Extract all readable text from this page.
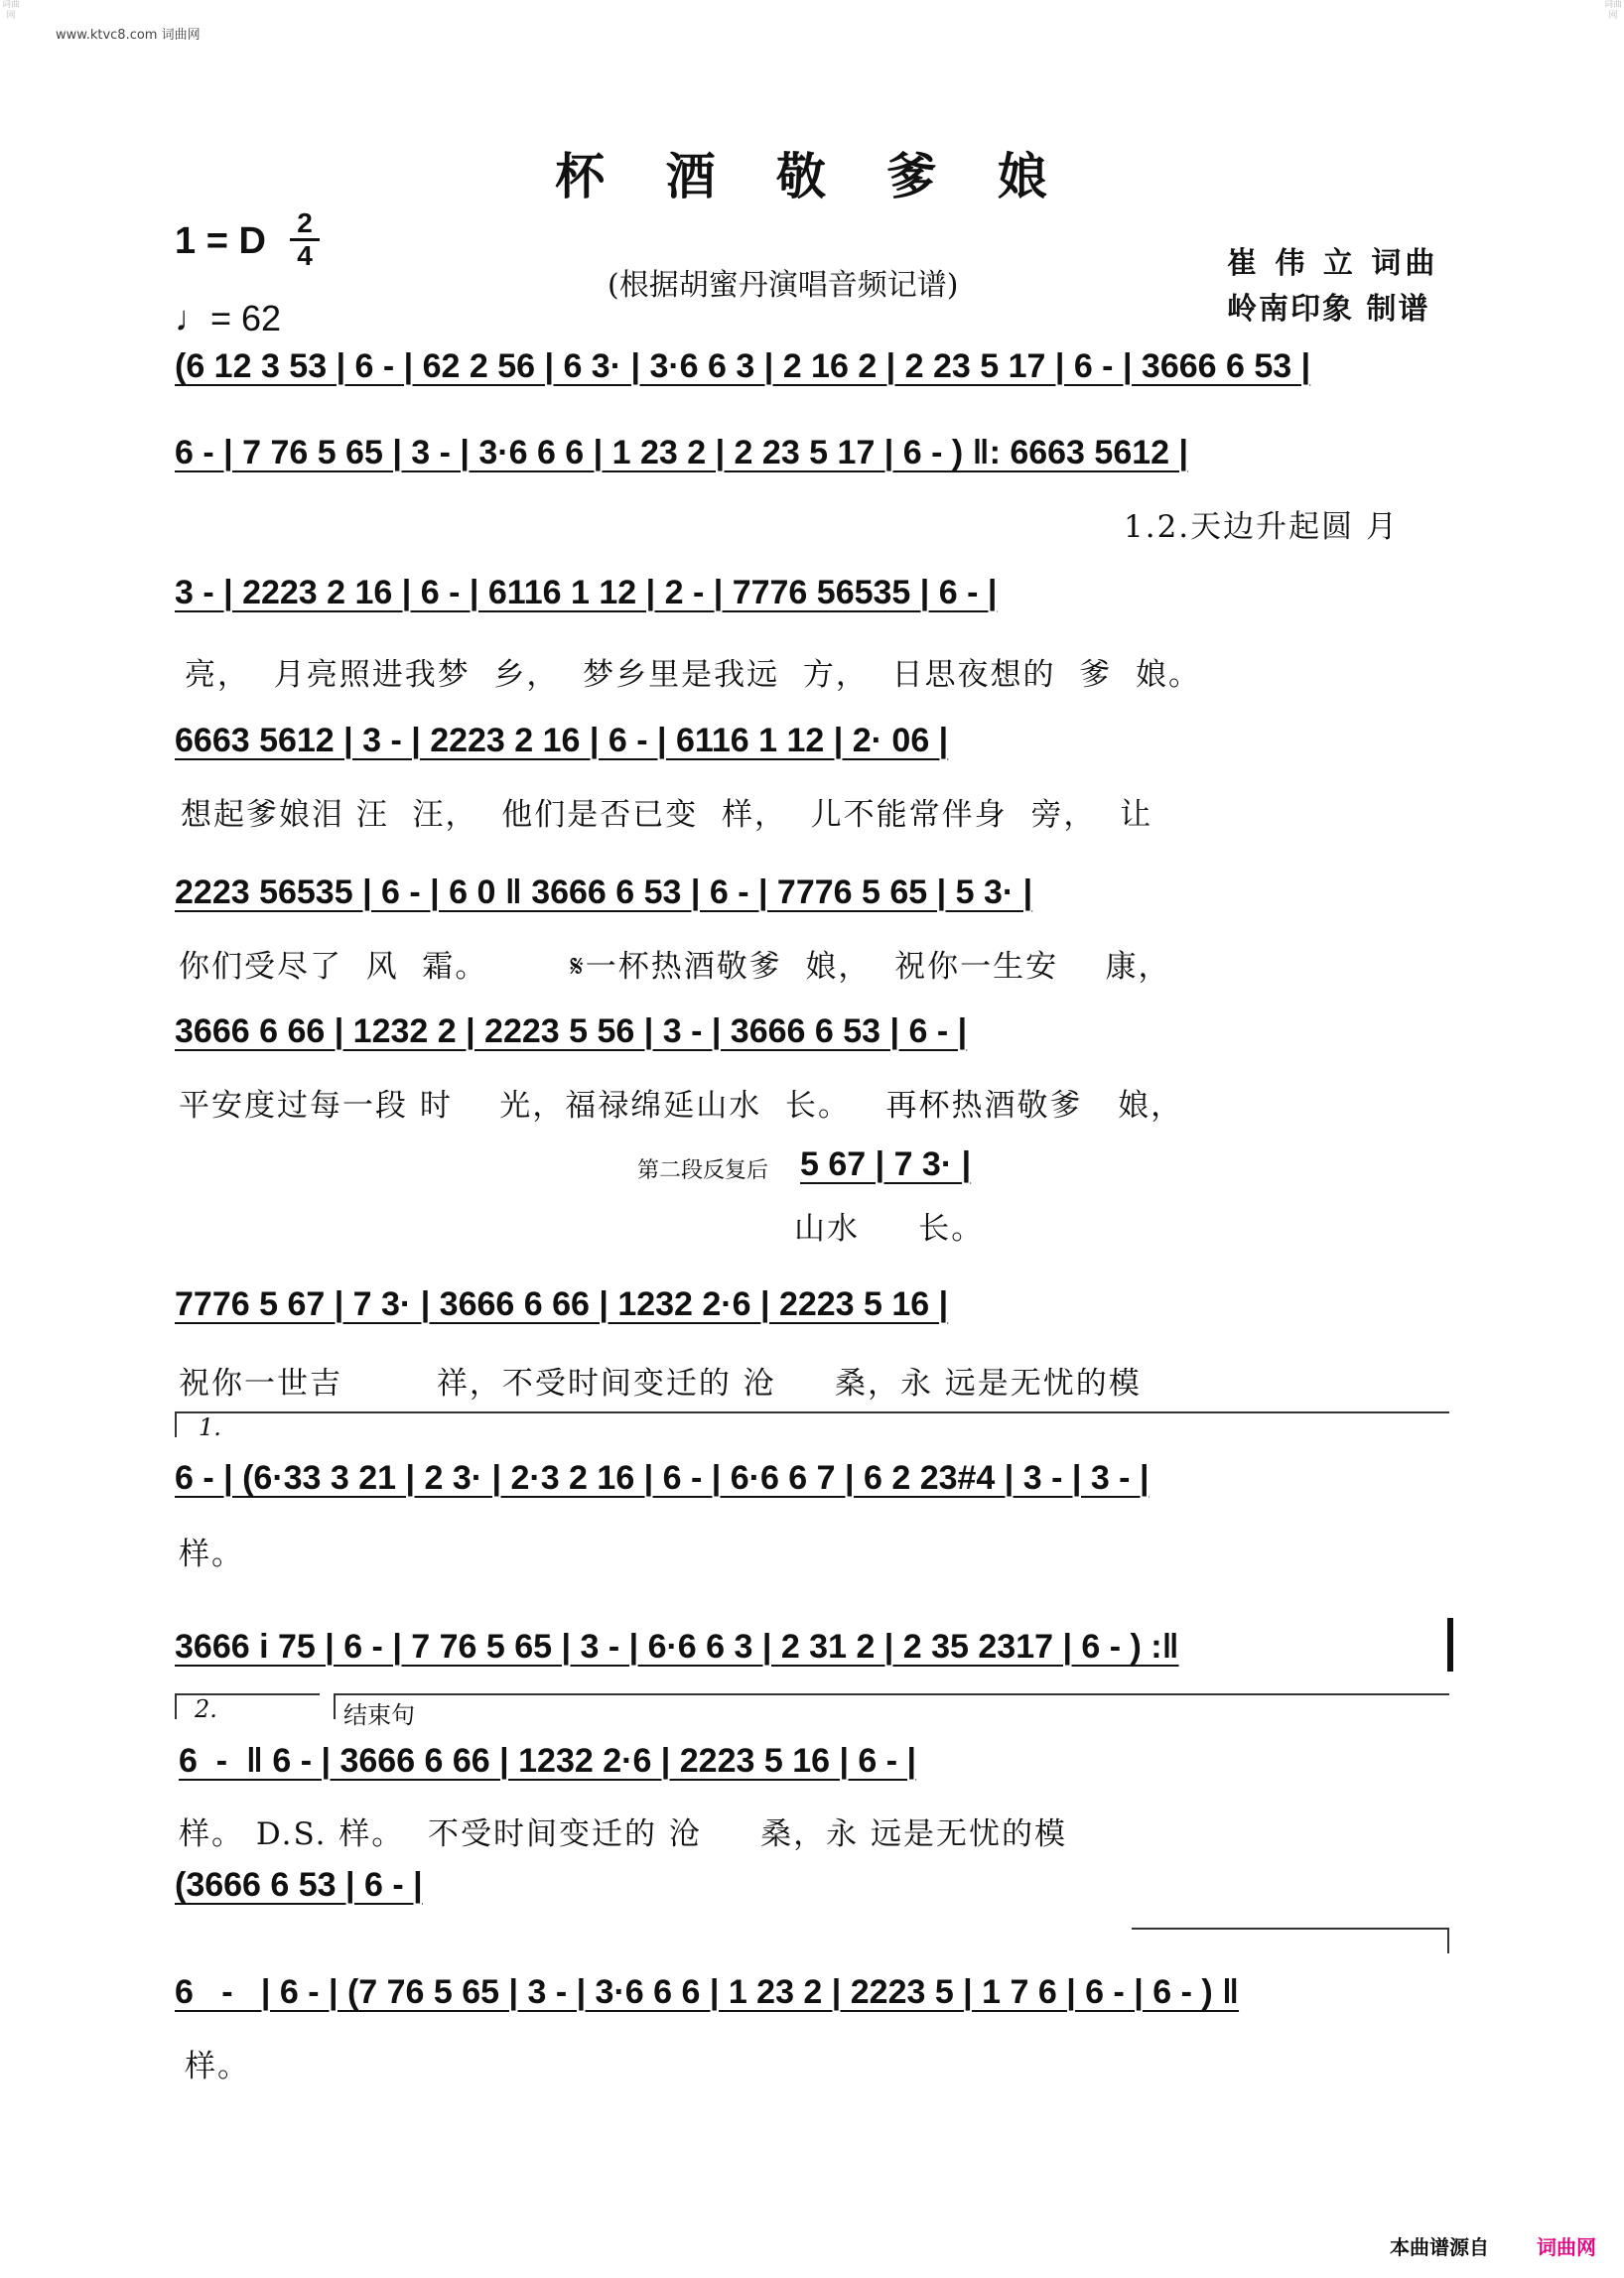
词曲网
词曲网
www.ktvc8.com 词曲网
杯 酒 敬 爹 娘
1 = D 2
4
♩= 62
(根据胡蜜丹演唱音频记谱)
崔 伟 立 词曲
岭南印象 制谱
(6 12 3 53 | 6 - | 62 2 56 | 6 3· | 3·6 6 3 | 2 16 2 | 2 23 5 17 | 6 - | 3666 6 53 |
6 - | 7 76 5 65 | 3 - | 3·6 6 6 | 1 23 2 | 2 23 5 17 | 6 - ) ‖: 6663 5612 |
1.2.天边升起圆 月
3 - | 2223 2 16 | 6 - | 6116 1 12 | 2 - | 7776 56535 | 6 - |
亮，  月亮照进我梦  乡，  梦乡里是我远  方，  日思夜想的  爹  娘。
6663 5612 | 3 - | 2223 2 16 | 6 - | 6116 1 12 | 2· 06 |
想起爹娘泪 汪  汪，  他们是否已变  样，  儿不能常伴身  旁，  让
2223 56535 | 6 - | 6 0 ‖ 3666 6 53 | 6 - | 7776 5 65 | 5 3· |
你们受尽了  风  霜。       𝄋一杯热酒敬爹  娘，  祝你一生安    康，
3666 6 66 | 1232 2 | 2223 5 56 | 3 - | 3666 6 53 | 6 - |
平安度过每一段 时    光，福禄绵延山水  长。   再杯热酒敬爹   娘，
第二段反复后 5 67 | 7 3· |
山水     长。
7776 5 67 | 7 3· | 3666 6 66 | 1232 2·6 | 2223 5 16 |
祝你一世吉        祥，不受时间变迁的 沧     桑，永 远是无忧的模
1.
6 - | (6·33 3 21 | 2 3· | 2·3 2 16 | 6 - | 6·6 6 7 | 6 2 23#4 | 3 - | 3 - |
样。
3666 i 75 | 6 - | 7 76 5 65 | 3 - | 6·6 6 3 | 2 31 2 | 2 35 2317 | 6 - ) :‖
2.	结束句
6  -  ‖ 6 - | 3666 6 66 | 1232 2·6 | 2223 5 16 | 6 - |
样。 D.S. 样。  不受时间变迁的 沧     桑，永 远是无忧的模
(3666 6 53 | 6 - |
6   -   | 6 - | (7 76 5 65 | 3 - | 3·6 6 6 | 1 23 2 | 2223 5 | 1 7 6 | 6 - | 6 - ) ‖
样。
本曲谱源自 词曲网
